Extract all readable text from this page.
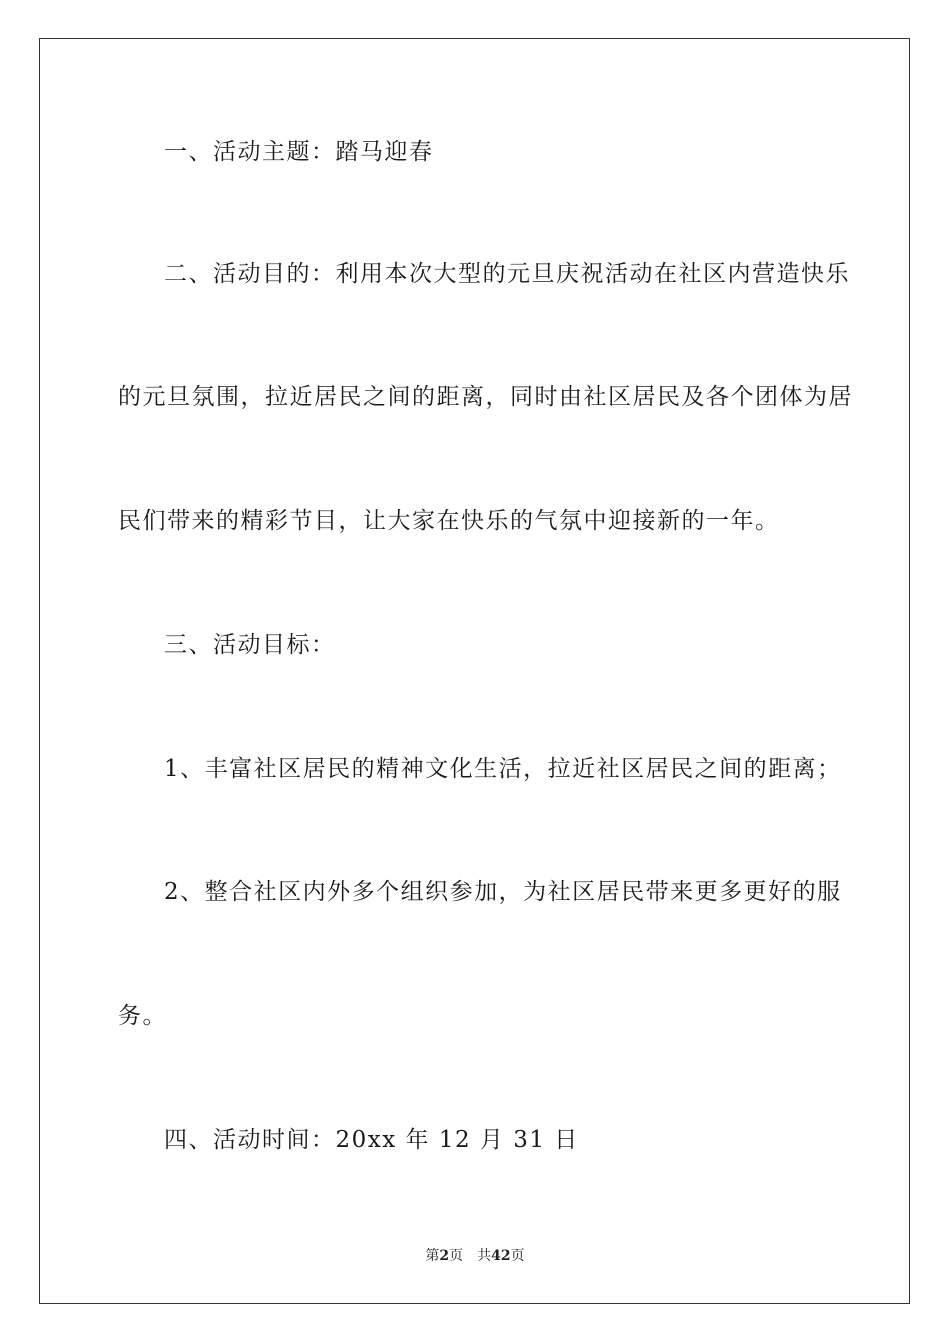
一、活动主题：踏马迎春
二、活动目的：利用本次大型的元旦庆祝活动在社区内营造快乐
的元旦氛围，拉近居民之间的距离，同时由社区居民及各个团体为居
民们带来的精彩节目，让大家在快乐的气氛中迎接新的一年。
三、活动目标：
1、丰富社区居民的精神文化生活，拉近社区居民之间的距离；
2、整合社区内外多个组织参加，为社区居民带来更多更好的服
务。
四、活动时间：20xx 年 12 月 31 日
第2页 共42页
